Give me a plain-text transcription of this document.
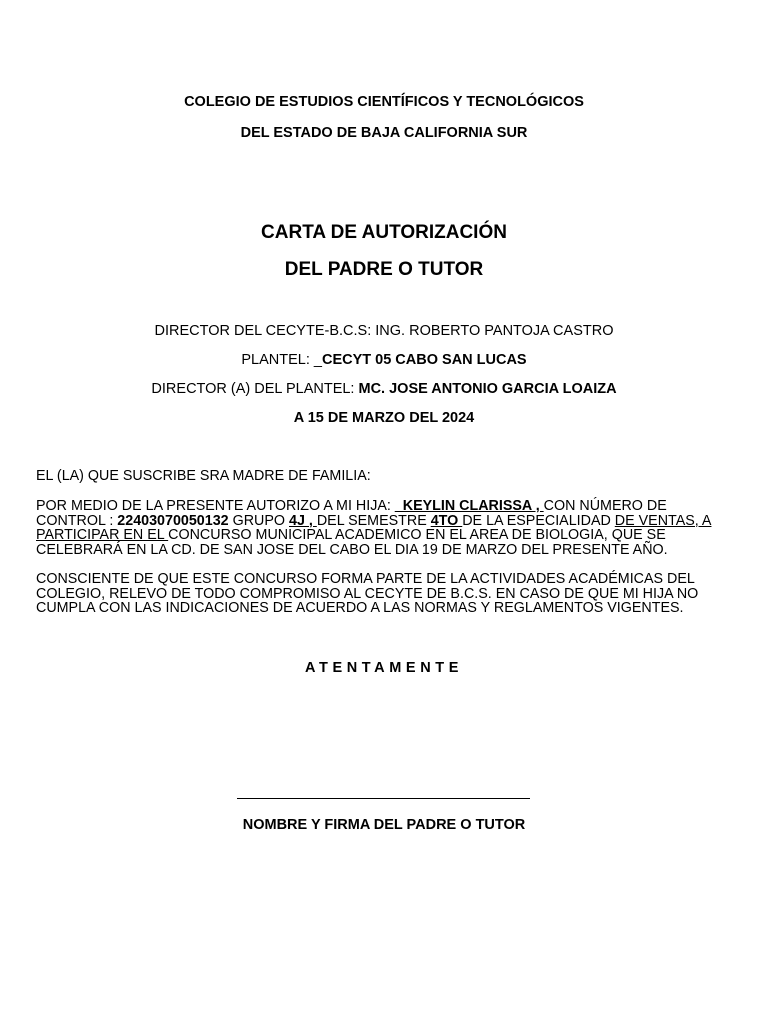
COLEGIO DE ESTUDIOS CIENTÍFICOS Y TECNOLÓGICOS
DEL ESTADO DE BAJA CALIFORNIA SUR
CARTA DE AUTORIZACIÓN
DEL PADRE O TUTOR
DIRECTOR DEL CECYTE-B.C.S: ING. ROBERTO PANTOJA CASTRO
PLANTEL: _CECYT 05 CABO SAN LUCAS
DIRECTOR (A) DEL PLANTEL: MC. JOSE ANTONIO GARCIA LOAIZA
A 15 DE MARZO DEL 2024
EL (LA) QUE SUSCRIBE SRA MADRE DE FAMILIA:
POR MEDIO DE LA PRESENTE AUTORIZO A MI HIJA: _KEYLIN CLARISSA , CON NÚMERO DE CONTROL : 22403070050132 GRUPO 4J , DEL SEMESTRE 4TO DE LA ESPECIALIDAD DE VENTAS, A PARTICIPAR EN EL CONCURSO MUNICIPAL ACADEMICO EN EL AREA DE BIOLOGIA, QUE SE CELEBRARÁ EN LA CD. DE SAN JOSE DEL CABO EL DIA 19 DE MARZO DEL PRESENTE AÑO.
CONSCIENTE DE QUE ESTE CONCURSO FORMA PARTE DE LA ACTIVIDADES ACADÉMICAS DEL COLEGIO, RELEVO DE TODO COMPROMISO AL CECYTE DE B.C.S. EN CASO DE QUE MI HIJA NO CUMPLA CON LAS INDICACIONES DE ACUERDO A LAS NORMAS Y REGLAMENTOS VIGENTES.
ATENTAMENTE
NOMBRE Y FIRMA DEL PADRE O TUTOR
